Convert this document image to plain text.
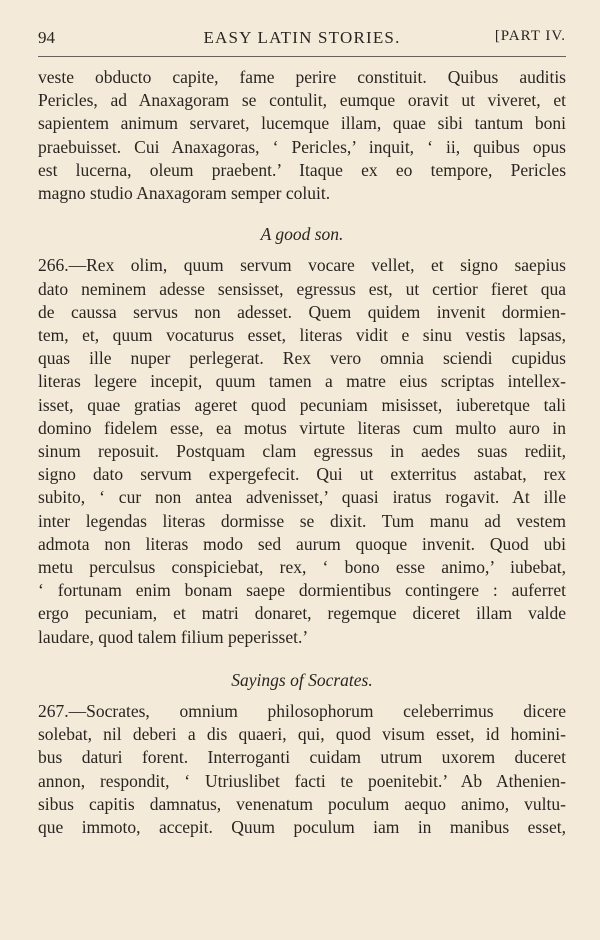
94	EASY LATIN STORIES.	[PART IV.
veste obducto capite, fame perire constituit. Quibus auditis
Pericles, ad Anaxagoram se contulit, eumque oravit ut viveret, et
sapientem animum servaret, lucemque illam, quae sibi tantum boni
praebuisset. Cui Anaxagoras, ‘ Pericles,’ inquit, ‘ ii, quibus opus
est lucerna, oleum praebent.’ Itaque ex eo tempore, Pericles
magno studio Anaxagoram semper coluit.
A good son.
266.—Rex olim, quum servum vocare vellet, et signo saepius
dato neminem adesse sensisset, egressus est, ut certior fieret qua
de caussa servus non adesset. Quem quidem invenit dormien-
tem, et, quum vocaturus esset, literas vidit e sinu vestis lapsas,
quas ille nuper perlegerat. Rex vero omnia sciendi cupidus
literas legere incepit, quum tamen a matre eius scriptas intellex-
isset, quae gratias ageret quod pecuniam misisset, iuberetque tali
domino fidelem esse, ea motus virtute literas cum multo auro in
sinum reposuit. Postquam clam egressus in aedes suas rediit,
signo dato servum expergefecit. Qui ut exterritus astabat, rex
subito, ‘ cur non antea advenisset,’ quasi iratus rogavit. At ille
inter legendas literas dormisse se dixit. Tum manu ad vestem
admota non literas modo sed aurum quoque invenit. Quod ubi
metu perculsus conspiciebat, rex, ‘ bono esse animo,’ iubebat,
‘ fortunam enim bonam saepe dormientibus contingere : auferret
ergo pecuniam, et matri donaret, regemque diceret illam valde
laudare, quod talem filium peperisset.’
Sayings of Socrates.
267.—Socrates, omnium philosophorum celeberrimus dicere
solebat, nil deberi a dis quaeri, qui, quod visum esset, id homini-
bus daturi forent. Interroganti cuidam utrum uxorem duceret
annon, respondit, ‘ Utriuslibet facti te poenitebit.’ Ab Athenien-
sibus capitis damnatus, venenatum poculum aequo animo, vultu-
que immoto, accepit. Quum poculum iam in manibus esset,
